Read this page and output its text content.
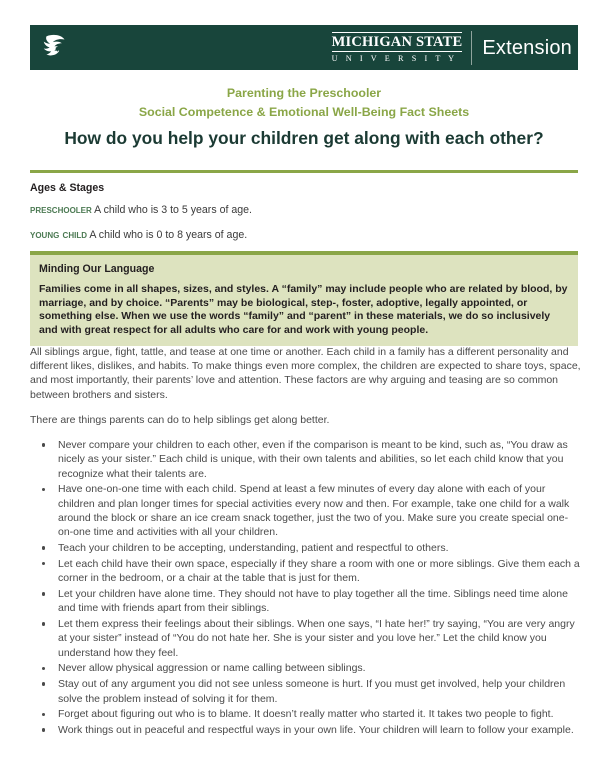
MICHIGAN STATE
U N I V E R S I T Y	Extension
Parenting the Preschooler
Social Competence & Emotional Well-Being Fact Sheets
How do you help your children get along with each other?
Ages & Stages
preschooler A child who is 3 to 5 years of age.
young child A child who is 0 to 8 years of age.
Minding Our Language
Families come in all shapes, sizes, and styles. A “family” may include people who are related by blood, by marriage, and by choice. “Parents” may be biological, step-, foster, adoptive, legally appointed, or something else. When we use the words “family” and “parent” in these materials, we do so inclusively and with great respect for all adults who care for and work with young people.

All siblings argue, fight, tattle, and tease at one time or another. Each child in a family has a different personality and different likes, dislikes, and habits. To make things even more complex, the children are expected to share toys, space, and most importantly, their parents’ love and attention. These factors are why arguing and teasing are so common between brothers and sisters.

There are things parents can do to help siblings get along better.

Never compare your children to each other, even if the comparison is meant to be kind, such as, “You draw as nicely as your sister.” Each child is unique, with their own talents and abilities, so let each child know that you recognize what their talents are.
Have one-on-one time with each child. Spend at least a few minutes of every day alone with each of your children and plan longer times for special activities every now and then. For example, take one child for a walk around the block or share an ice cream snack together, just the two of you. Make sure you create special one-on-one time and activities with all your children.
Teach your children to be accepting, understanding, patient and respectful to others.
Let each child have their own space, especially if they share a room with one or more siblings. Give them each a corner in the bedroom, or a chair at the table that is just for them.
Let your children have alone time. They should not have to play together all the time. Siblings need time alone and time with friends apart from their siblings.
Let them express their feelings about their siblings. When one says, “I hate her!” try saying, “You are very angry at your sister” instead of “You do not hate her. She is your sister and you love her.” Let the child know you understand how they feel.
Never allow physical aggression or name calling between siblings.
Stay out of any argument you did not see unless someone is hurt. If you must get involved, help your children solve the problem instead of solving it for them.
Forget about figuring out who is to blame. It doesn’t really matter who started it. It takes two people to fight.
Work things out in peaceful and respectful ways in your own life. Your children will learn to follow your example.
